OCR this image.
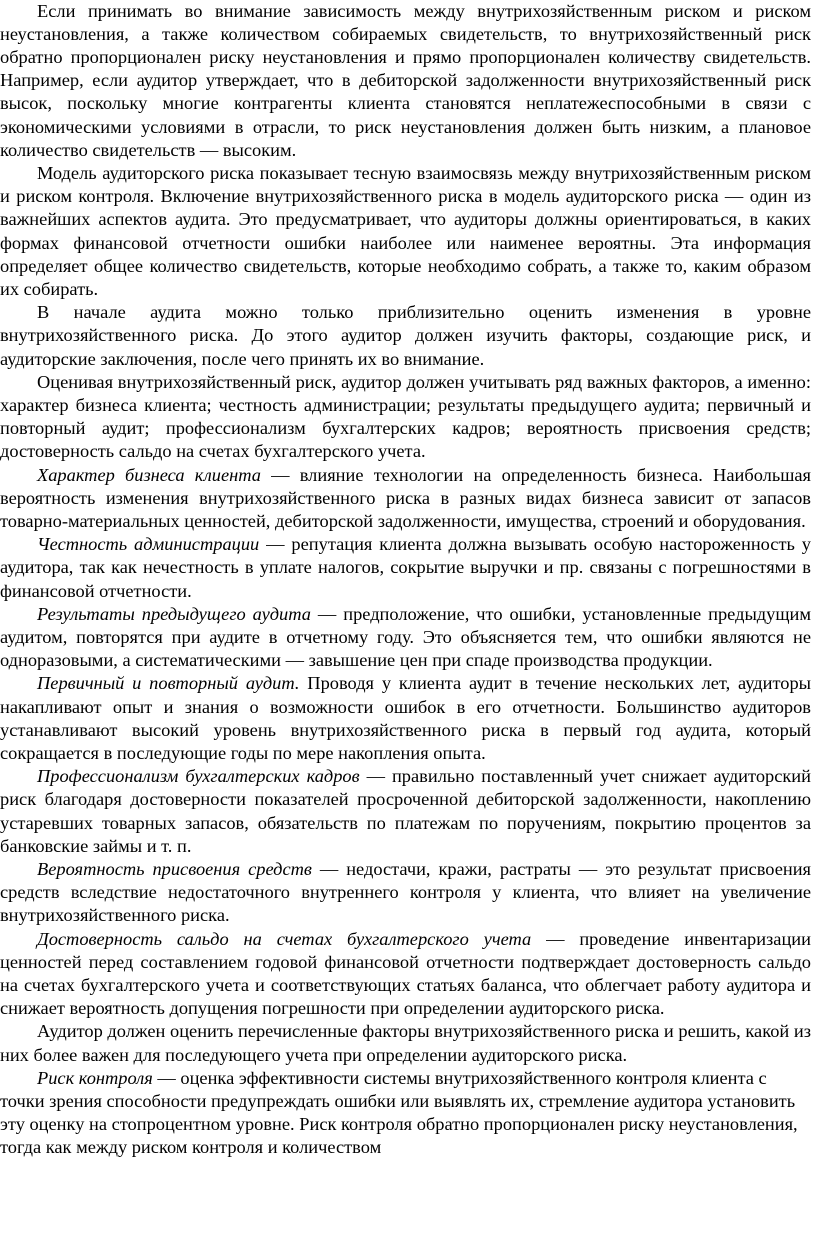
Если принимать во внимание зависимость между внутрихозяйственным риском и риском неустановления, а также количеством собираемых свидетельств, то внутрихозяйственный риск обратно пропорционален риску неустановления и прямо пропорционален количеству свидетельств. Например, если аудитор утверждает, что в дебиторской задолженности внутрихозяйственный риск высок, поскольку многие контрагенты клиента становятся неплатежеспособными в связи с экономическими условиями в отрасли, то риск неустановления должен быть низким, а плановое количество свидетельств — высоким.

Модель аудиторского риска показывает тесную взаимосвязь между внутрихозяйственным риском и риском контроля. Включение внутрихозяйственного риска в модель аудиторского риска — один из важнейших аспектов аудита. Это предусматривает, что аудиторы должны ориентироваться, в каких формах финансовой отчетности ошибки наиболее или наименее вероятны. Эта информация определяет общее количество свидетельств, которые необходимо собрать, а также то, каким образом их собирать.

В начале аудита можно только приблизительно оценить изменения в уровне внутрихозяйственного риска. До этого аудитор должен изучить факторы, создающие риск, и аудиторские заключения, после чего принять их во внимание.

Оценивая внутрихозяйственный риск, аудитор должен учитывать ряд важных факторов, а именно: характер бизнеса клиента; честность администрации; результаты предыдущего аудита; первичный и повторный аудит; профессионализм бухгалтерских кадров; вероятность присвоения средств; достоверность сальдо на счетах бухгалтерского учета.

Характер бизнеса клиента — влияние технологии на определенность бизнеса. Наибольшая вероятность изменения внутрихозяйственного риска в разных видах бизнеса зависит от запасов товарно-материальных ценностей, дебиторской задолженности, имущества, строений и оборудования.

Честность администрации — репутация клиента должна вызывать особую настороженность у аудитора, так как нечестность в уплате налогов, сокрытие выручки и пр. связаны с погрешностями в финансовой отчетности.

Результаты предыдущего аудита — предположение, что ошибки, установленные предыдущим аудитом, повторятся при аудите в отчетному году. Это объясняется тем, что ошибки являются не одноразовыми, а систематическими — завышение цен при спаде производства продукции.

Первичный и повторный аудит. Проводя у клиента аудит в течение нескольких лет, аудиторы накапливают опыт и знания о возможности ошибок в его отчетности. Большинство аудиторов устанавливают высокий уровень внутрихозяйственного риска в первый год аудита, который сокращается в последующие годы по мере накопления опыта.

Профессионализм бухгалтерских кадров — правильно поставленный учет снижает аудиторский риск благодаря достоверности показателей просроченной дебиторской задолженности, накоплению устаревших товарных запасов, обязательств по платежам по поручениям, покрытию процентов за банковские займы и т. п.

Вероятность присвоения средств — недостачи, кражи, растраты — это результат присвоения средств вследствие недостаточного внутреннего контроля у клиента, что влияет на увеличение внутрихозяйственного риска.

Достоверность сальдо на счетах бухгалтерского учета — проведение инвентаризации ценностей перед составлением годовой финансовой отчетности подтверждает достоверность сальдо на счетах бухгалтерского учета и соответствующих статьях баланса, что облегчает работу аудитора и снижает вероятность допущения погрешности при определении аудиторского риска.

Аудитор должен оценить перечисленные факторы внутрихозяйственного риска и решить, какой из них более важен для последующего учета при определении аудиторского риска.

Риск контроля — оценка эффективности системы внутрихозяйственного контроля клиента с точки зрения способности предупреждать ошибки или выявлять их, стремление аудитора установить эту оценку на стопроцентном уровне. Риск контроля обратно пропорционален риску неустановления, тогда как между риском контроля и количеством
